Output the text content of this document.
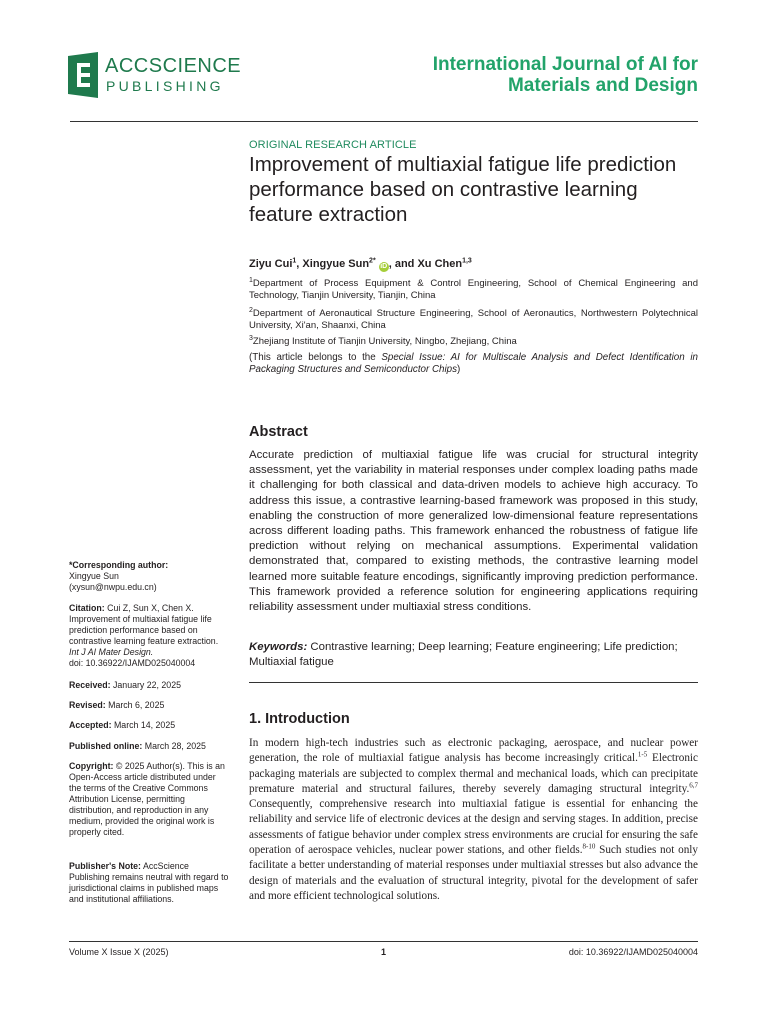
ACCSCIENCE
PUBLISHING
International Journal of AI for
Materials and Design
ORIGINAL RESEARCH ARTICLE
Improvement of multiaxial fatigue life prediction
performance based on contrastive learning
feature extraction
Ziyu Cui$^1$, Xingyue Sun$^{2*}$ iD , and Xu Chen$^{1,3}$
$^1$Department of Process Equipment & Control Engineering, School of Chemical Engineering and Technology, Tianjin University, Tianjin, China
$^2$Department of Aeronautical Structure Engineering, School of Aeronautics, Northwestern Polytechnical University, Xi'an, Shaanxi, China
$^3$Zhejiang Institute of Tianjin University, Ningbo, Zhejiang, China
(This article belongs to the Special Issue: AI for Multiscale Analysis and Defect Identification in Packaging Structures and Semiconductor Chips)
Abstract
Accurate prediction of multiaxial fatigue life was crucial for structural integrity assessment, yet the variability in material responses under complex loading paths made it challenging for both classical and data-driven models to achieve high accuracy. To address this issue, a contrastive learning-based framework was proposed in this study, enabling the construction of more generalized low-dimensional feature representations across different loading paths. This framework enhanced the robustness of fatigue life prediction without relying on mechanical assumptions. Experimental validation demonstrated that, compared to existing methods, the contrastive learning model learned more suitable feature encodings, significantly improving prediction performance. This framework provided a reference solution for engineering applications requiring reliability assessment under multiaxial stress conditions.
Keywords: Contrastive learning; Deep learning; Feature engineering; Life prediction; Multiaxial fatigue
1. Introduction
In modern high-tech industries such as electronic packaging, aerospace, and nuclear power generation, the role of multiaxial fatigue analysis has become increasingly critical.$^{1-5}$ Electronic packaging materials are subjected to complex thermal and mechanical loads, which can precipitate premature material and structural failures, thereby severely damaging structural integrity.$^{6,7}$ Consequently, comprehensive research into multiaxial fatigue is essential for enhancing the reliability and service life of electronic devices at the design and serving stages. In addition, precise assessments of fatigue behavior under complex stress environments are crucial for ensuring the safe operation of aerospace vehicles, nuclear power stations, and other fields.$^{8-10}$ Such studies not only facilitate a better understanding of material responses under multiaxial stresses but also advance the design of materials and the evaluation of structural integrity, pivotal for the development of safer and more efficient technological solutions.
*Corresponding author:
Xingyue Sun
(xysun@nwpu.edu.cn)
Citation: Cui Z, Sun X, Chen X. Improvement of multiaxial fatigue life prediction performance based on contrastive learning feature extraction. Int J AI Mater Design.
doi: 10.36922/IJAMD025040004
Received: January 22, 2025
Revised: March 6, 2025
Accepted: March 14, 2025
Published online: March 28, 2025
Copyright: © 2025 Author(s). This is an Open-Access article distributed under the terms of the Creative Commons Attribution License, permitting distribution, and reproduction in any medium, provided the original work is properly cited.
Publisher's Note: AccScience Publishing remains neutral with regard to jurisdictional claims in published maps and institutional affiliations.
Volume X Issue X (2025)	1	doi: 10.36922/IJAMD025040004
